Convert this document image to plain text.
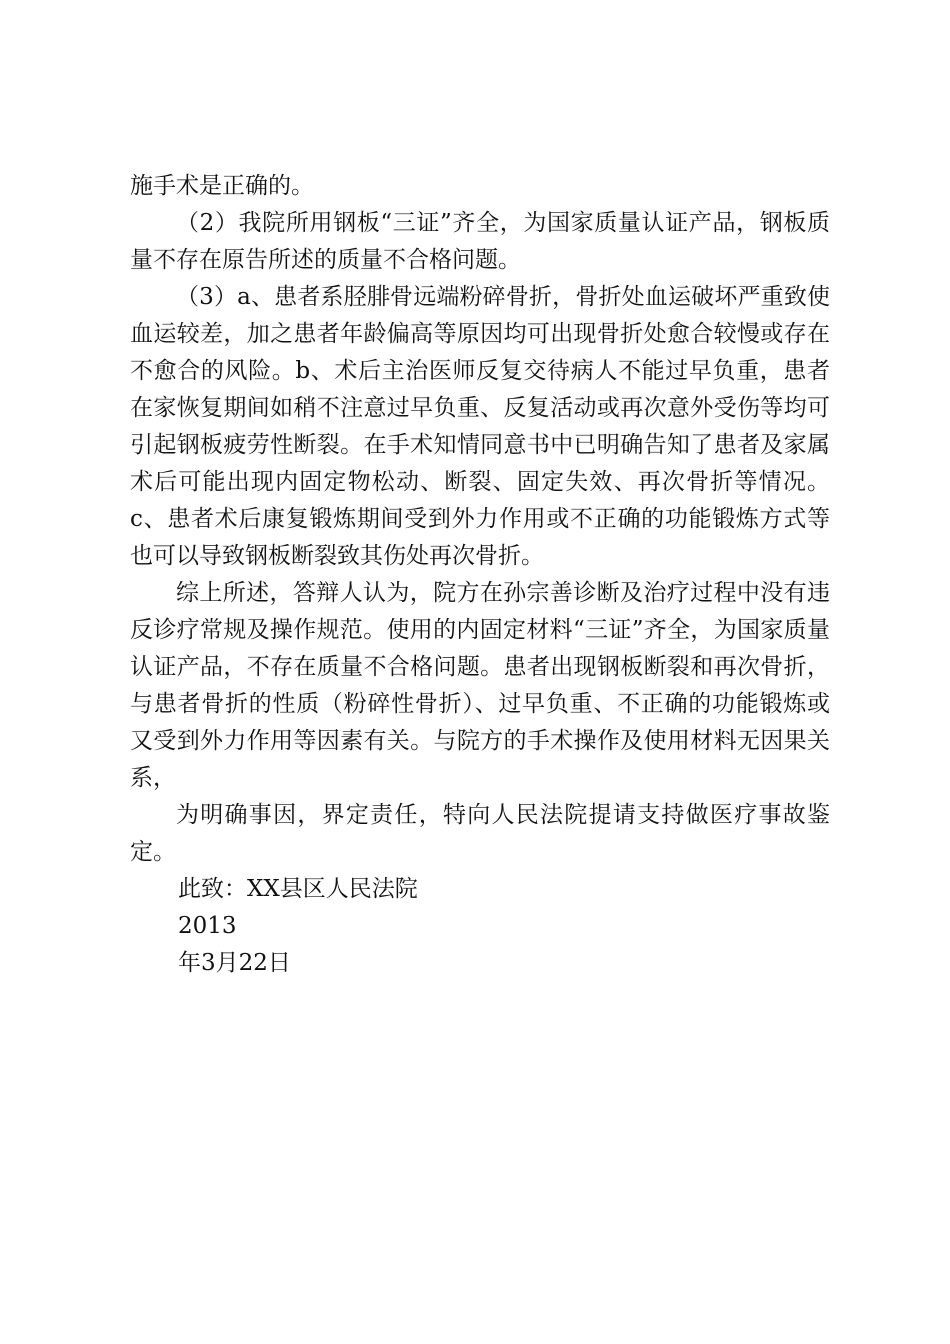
施手术是正确的。

（2）我院所用钢板“三证”齐全，为国家质量认证产品，钢板质量不存在原告所述的质量不合格问题。

（3）a、患者系胫腓骨远端粉碎骨折，骨折处血运破坏严重致使血运较差，加之患者年龄偏高等原因均可出现骨折处愈合较慢或存在不愈合的风险。b、术后主治医师反复交待病人不能过早负重，患者在家恢复期间如稍不注意过早负重、反复活动或再次意外受伤等均可引起钢板疲劳性断裂。在手术知情同意书中已明确告知了患者及家属术后可能出现内固定物松动、断裂、固定失效、再次骨折等情况。c、患者术后康复锻炼期间受到外力作用或不正确的功能锻炼方式等也可以导致钢板断裂致其伤处再次骨折。

综上所述，答辩人认为，院方在孙宗善诊断及治疗过程中没有违反诊疗常规及操作规范。使用的内固定材料“三证”齐全，为国家质量认证产品，不存在质量不合格问题。患者出现钢板断裂和再次骨折，与患者骨折的性质（粉碎性骨折）、过早负重、不正确的功能锻炼或又受到外力作用等因素有关。与院方的手术操作及使用材料无因果关系，

为明确事因，界定责任，特向人民法院提请支持做医疗事故鉴定。

此致：XX县区人民法院

2013

年3月22日
